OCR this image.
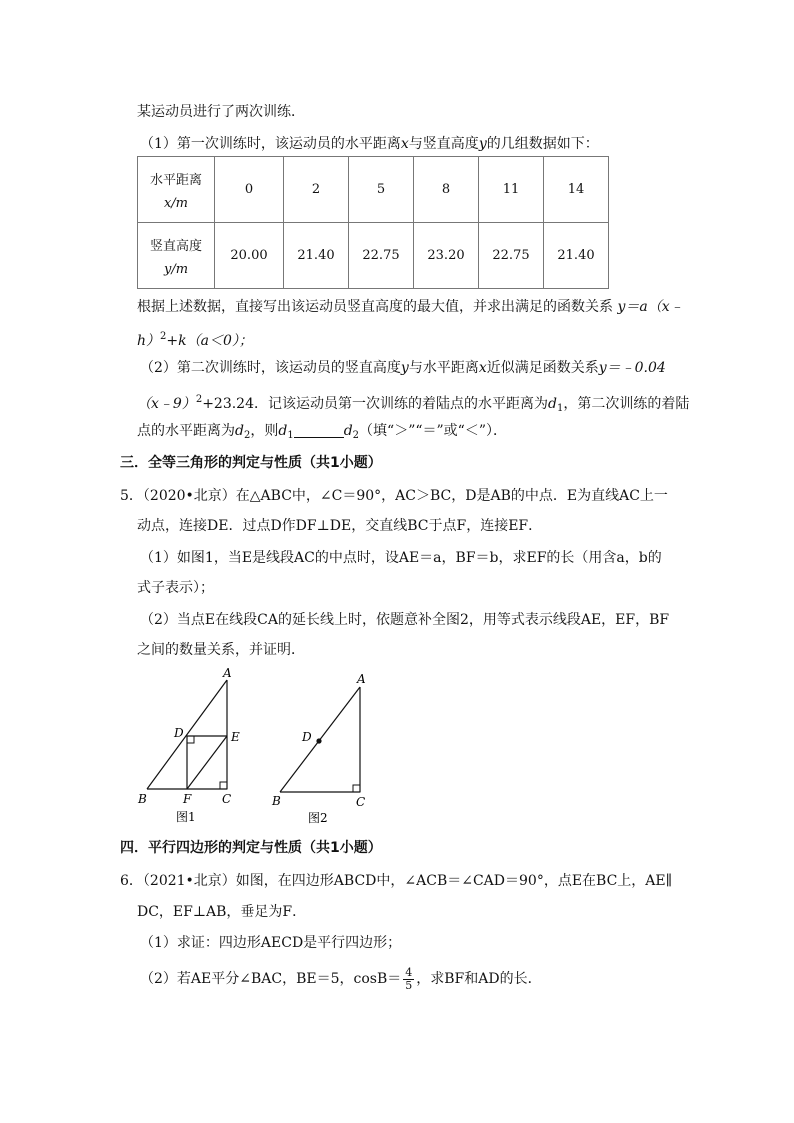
某运动员进行了两次训练．
（1）第一次训练时，该运动员的水平距离x与竖直高度y的几组数据如下：
水平距离
x/m	0	2	5	8	11	14

竖直高度
y/m	20.00	21.40	22.75	23.20	22.75	21.40
根据上述数据，直接写出该运动员竖直高度的最大值，并求出满足的函数关系 y＝a（x﹣
h）$^2$+k（a＜0）；
（2）第二次训练时，该运动员的竖直高度y与水平距离x近似满足函数关系y＝﹣0.04
（x﹣9）$^2$+23.24．记该运动员第一次训练的着陆点的水平距离为$d_1$，第二次训练的着陆
点的水平距离为$d_2$，则$d_1$	$d_2$（填“＞”“＝”或“＜”）．
三．全等三角形的判定与性质（共1小题）
5．（2020•北京）在△ABC中，∠C＝90°，AC＞BC，D是AB的中点．E为直线AC上一
动点，连接DE．过点D作DF⊥DE，交直线BC于点F，连接EF．
（1）如图1，当E是线段AC的中点时，设AE＝a，BF＝b，求EF的长（用含a，b的
式子表示）；
（2）当点E在线段CA的延长线上时，依题意补全图2，用等式表示线段AE，EF，BF
之间的数量关系，并证明．
A
B	C
D	E
F
图1
A
B	C
D
图2
四．平行四边形的判定与性质（共1小题）
6．（2021•北京）如图，在四边形ABCD中，∠ACB＝∠CAD＝90°，点E在BC上，AE∥
DC，EF⊥AB，垂足为F．
（1）求证：四边形AECD是平行四边形；
（2）若AE平分∠BAC，BE＝5，$\cos B= \frac{4}{5}$ ，求BF和AD的长．
